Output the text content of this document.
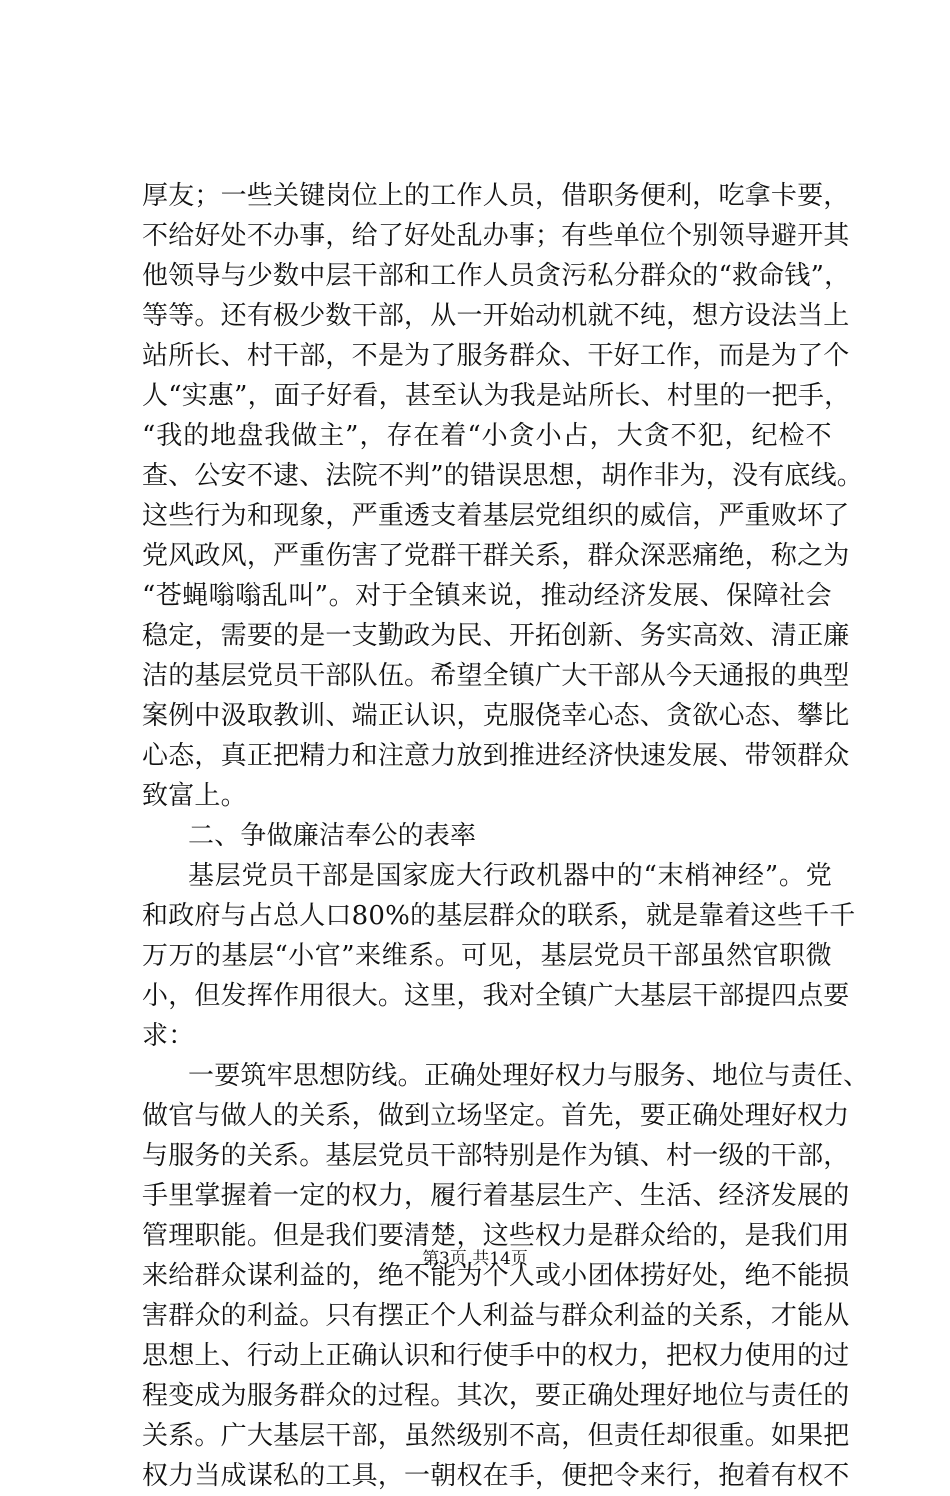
厚 友 ； 一 些 关 键 岗 位 上 的 工 作 人 员 ， 借 职 务 便 利 ， 吃 拿 卡 要 ，
不 给 好 处 不 办 事 ， 给 了 好 处 乱 办 事 ； 有 些 单 位 个 别 领 导 避 开 其
他 领 导 与 少 数 中 层 干 部 和 工 作 人 员 贪 污 私 分 群 众 的 “ 救 命 钱 ” ，
等 等 。 还 有 极 少 数 干 部 ， 从 一 开 始 动 机 就 不 纯 ， 想 方 设 法 当 上
站 所 长 、 村 干 部 ， 不 是 为 了 服 务 群 众 、 干 好 工 作 ， 而 是 为 了 个
人 “ 实 惠 ” ， 面 子 好 看 ， 甚 至 认 为 我 是 站 所 长 、 村 里 的 一 把 手 ，
“ 我 的 地 盘 我 做 主 ” ， 存 在 着 “ 小 贪 小 占 ， 大 贪 不 犯 ， 纪 检 不
查 、 公 安 不 逮 、 法 院 不 判 ” 的 错 误 思 想 ， 胡 作 非 为 ， 没 有 底 线 。
这 些 行 为 和 现 象 ， 严 重 透 支 着 基 层 党 组 织 的 威 信 ， 严 重 败 坏 了
党 风 政 风 ， 严 重 伤 害 了 党 群 干 群 关 系 ， 群 众 深 恶 痛 绝 ， 称 之 为
“ 苍 蝇 嗡 嗡 乱 叫 ” 。 对 于 全 镇 来 说 ， 推 动 经 济 发 展 、 保 障 社 会
稳 定 ， 需 要 的 是 一 支 勤 政 为 民 、 开 拓 创 新 、 务 实 高 效 、 清 正 廉
洁 的 基 层 党 员 干 部 队 伍 。 希 望 全 镇 广 大 干 部 从 今 天 通 报 的 典 型
案 例 中 汲 取 教 训 、 端 正 认 识 ， 克 服 侥 幸 心 态 、 贪 欲 心 态 、 攀 比
心 态 ， 真 正 把 精 力 和 注 意 力 放 到 推 进 经 济 快 速 发 展 、 带 领 群 众
致富上。
二、争做廉洁奉公的表率
基 层 党 员 干 部 是 国 家 庞 大 行 政 机 器 中 的 “ 末 梢 神 经 ” 。 党
和 政 府 与 占 总 人 口 8 0 % 的 基 层 群 众 的 联 系 ， 就 是 靠 着 这 些 千 千
万 万 的 基 层 “ 小 官 ” 来 维 系 。 可 见 ， 基 层 党 员 干 部 虽 然 官 职 微
小 ， 但 发 挥 作 用 很 大 。 这 里 ， 我 对 全 镇 广 大 基 层 干 部 提 四 点 要
求：
一 要 筑 牢 思 想 防 线 。 正 确 处 理 好 权 力 与 服 务 、 地 位 与 责 任 、
做 官 与 做 人 的 关 系 ， 做 到 立 场 坚 定 。 首 先 ， 要 正 确 处 理 好 权 力
与 服 务 的 关 系 。 基 层 党 员 干 部 特 别 是 作 为 镇 、 村 一 级 的 干 部 ，
手 里 掌 握 着 一 定 的 权 力 ， 履 行 着 基 层 生 产 、 生 活 、 经 济 发 展 的
管 理 职 能 。 但 是 我 们 要 清 楚 ， 这 些 权 力 是 群 众 给 的 ， 是 我 们 用
来 给 群 众 谋 利 益 的 ， 绝 不 能 为 个 人 或 小 团 体 捞 好 处 ， 绝 不 能 损
害 群 众 的 利 益 。 只 有 摆 正 个 人 利 益 与 群 众 利 益 的 关 系 ， 才 能 从
思 想 上 、 行 动 上 正 确 认 识 和 行 使 手 中 的 权 力 ， 把 权 力 使 用 的 过
程 变 成 为 服 务 群 众 的 过 程 。 其 次 ， 要 正 确 处 理 好 地 位 与 责 任 的
关 系 。 广 大 基 层 干 部 ， 虽 然 级 别 不 高 ， 但 责 任 却 很 重 。 如 果 把
权 力 当 成 谋 私 的 工 具 ， 一 朝 权 在 手 ， 便 把 令 来 行 ， 抱 着 有 权 不
第3页 共14页
